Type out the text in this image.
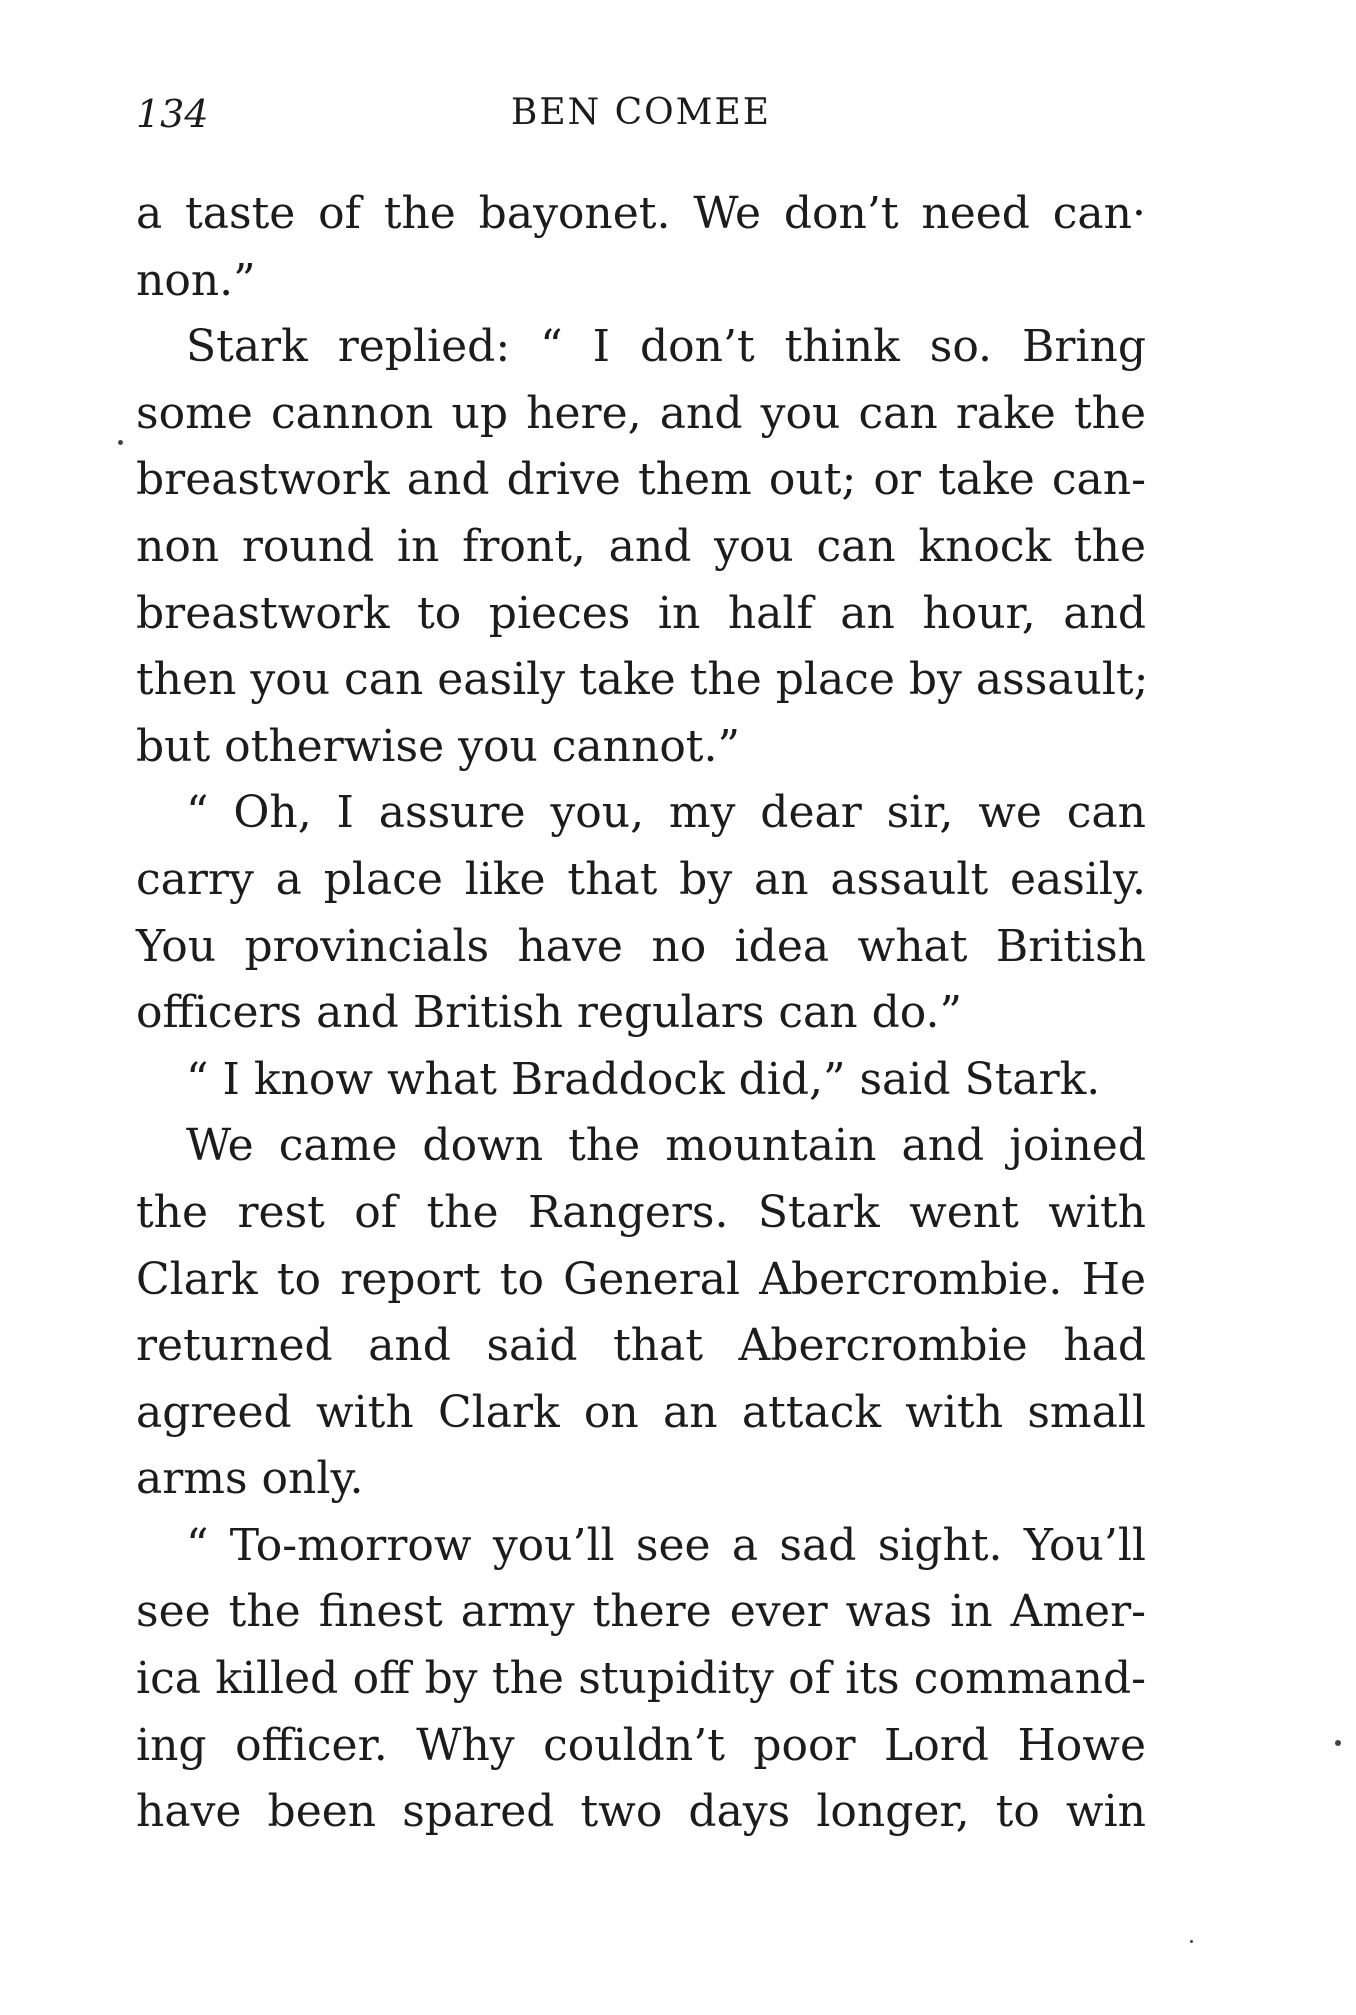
134	BEN COMEE
a taste of the bayonet. We don’t need can·
non.”
Stark replied: “ I don’t think so. Bring
some cannon up here, and you can rake the
breastwork and drive them out; or take can-
non round in front, and you can knock the
breastwork to pieces in half an hour, and
then you can easily take the place by assault;
but otherwise you cannot.”
“ Oh, I assure you, my dear sir, we can
carry a place like that by an assault easily.
You provincials have no idea what British
officers and British regulars can do.”
“ I know what Braddock did,” said Stark.
We came down the mountain and joined
the rest of the Rangers. Stark went with
Clark to report to General Abercrombie. He
returned and said that Abercrombie had
agreed with Clark on an attack with small
arms only.
“ To-morrow you’ll see a sad sight. You’ll
see the finest army there ever was in Amer-
ica killed off by the stupidity of its command-
ing officer. Why couldn’t poor Lord Howe
have been spared two days longer, to win
